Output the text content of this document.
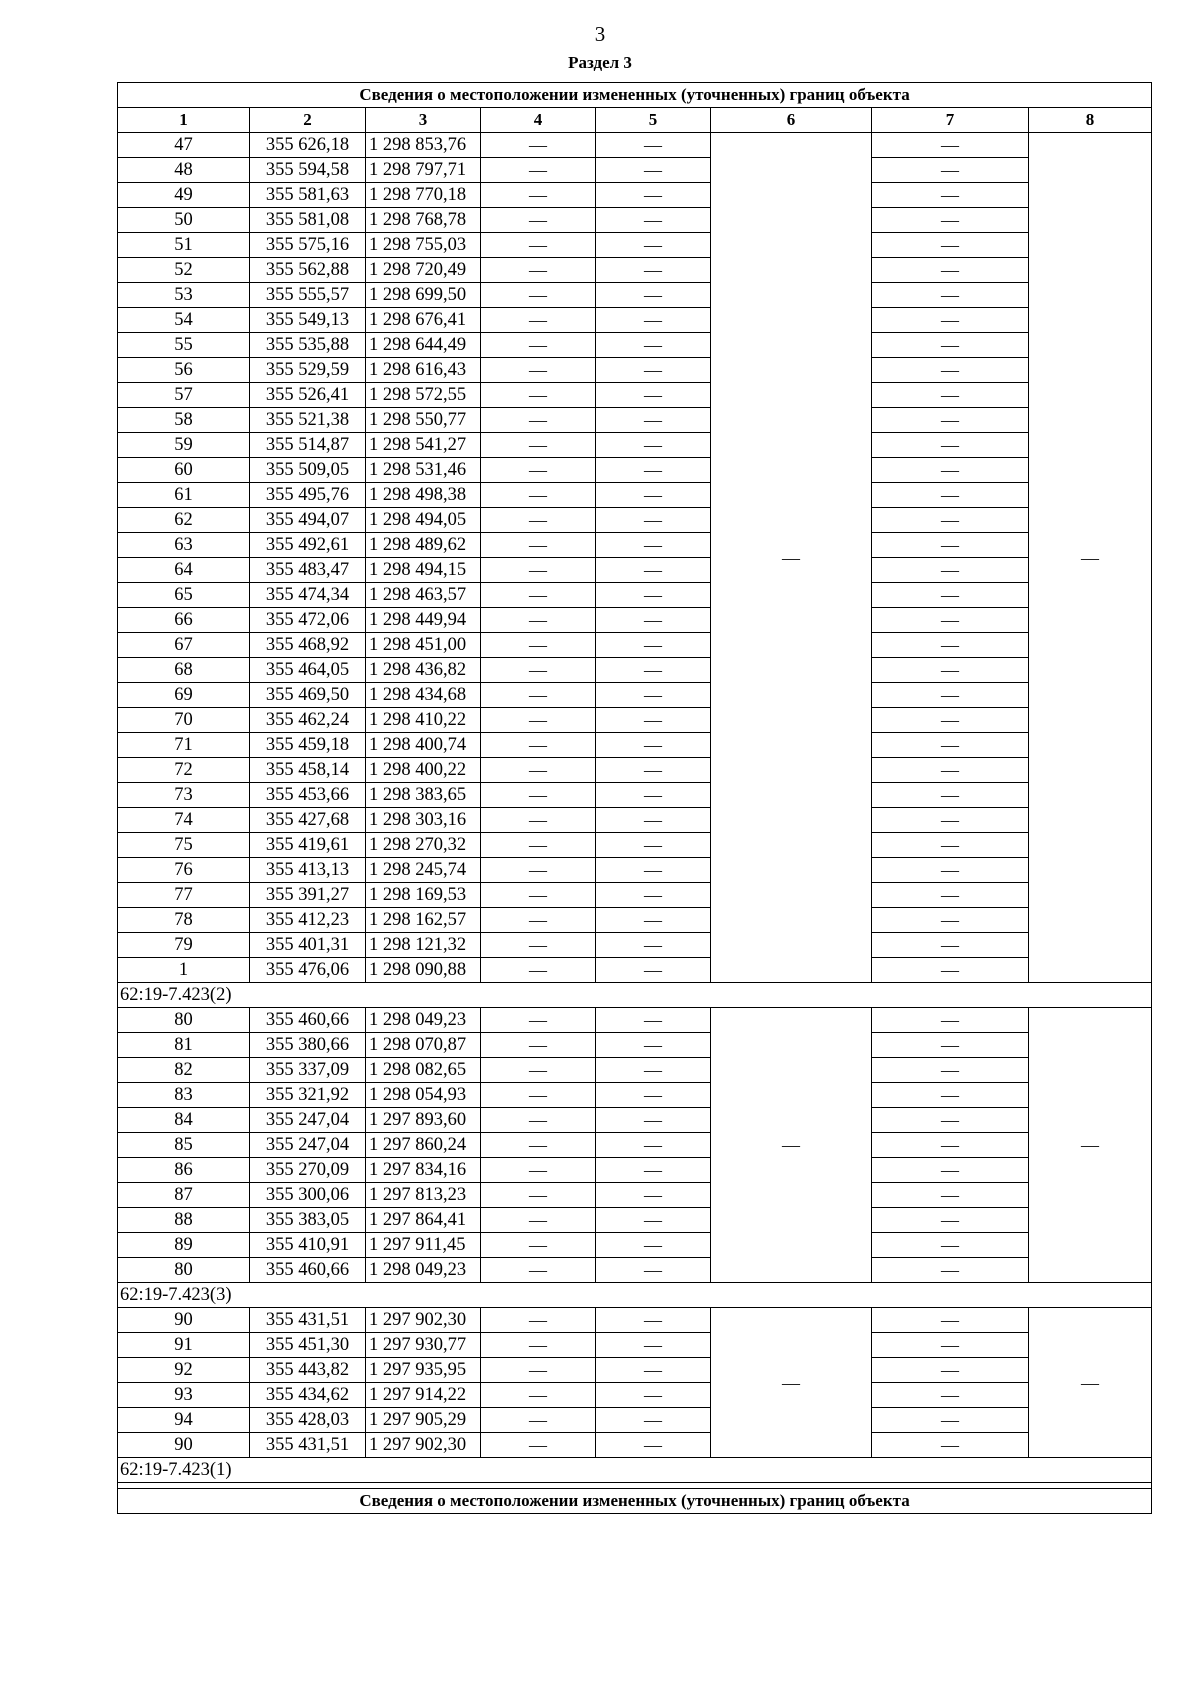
3
Раздел 3
Сведения о местоположении измененных (уточненных) границ объекта							
1	2	3	4	5	6	7	8
47	355 626,18	1 298 853,76	—	—	—	—	—
48	355 594,58	1 298 797,71	—	—		—	
49	355 581,63	1 298 770,18	—	—		—	
50	355 581,08	1 298 768,78	—	—		—	
51	355 575,16	1 298 755,03	—	—		—	
52	355 562,88	1 298 720,49	—	—		—	
53	355 555,57	1 298 699,50	—	—		—	
54	355 549,13	1 298 676,41	—	—		—	
55	355 535,88	1 298 644,49	—	—		—	
56	355 529,59	1 298 616,43	—	—		—	
57	355 526,41	1 298 572,55	—	—		—	
58	355 521,38	1 298 550,77	—	—		—	
59	355 514,87	1 298 541,27	—	—		—	
60	355 509,05	1 298 531,46	—	—		—	
61	355 495,76	1 298 498,38	—	—		—	
62	355 494,07	1 298 494,05	—	—		—	
63	355 492,61	1 298 489,62	—	—		—	
64	355 483,47	1 298 494,15	—	—		—	
65	355 474,34	1 298 463,57	—	—		—	
66	355 472,06	1 298 449,94	—	—		—	
67	355 468,92	1 298 451,00	—	—		—	
68	355 464,05	1 298 436,82	—	—		—	
69	355 469,50	1 298 434,68	—	—		—	
70	355 462,24	1 298 410,22	—	—		—	
71	355 459,18	1 298 400,74	—	—		—	
72	355 458,14	1 298 400,22	—	—		—	
73	355 453,66	1 298 383,65	—	—		—	
74	355 427,68	1 298 303,16	—	—		—	
75	355 419,61	1 298 270,32	—	—		—	
76	355 413,13	1 298 245,74	—	—		—	
77	355 391,27	1 298 169,53	—	—		—	
78	355 412,23	1 298 162,57	—	—		—	
79	355 401,31	1 298 121,32	—	—		—	
1	355 476,06	1 298 090,88	—	—		—	
62:19-7.423(2)							
80	355 460,66	1 298 049,23	—	—	—	—	—
81	355 380,66	1 298 070,87	—	—		—	
82	355 337,09	1 298 082,65	—	—		—	
83	355 321,92	1 298 054,93	—	—		—	
84	355 247,04	1 297 893,60	—	—		—	
85	355 247,04	1 297 860,24	—	—		—	
86	355 270,09	1 297 834,16	—	—		—	
87	355 300,06	1 297 813,23	—	—		—	
88	355 383,05	1 297 864,41	—	—		—	
89	355 410,91	1 297 911,45	—	—		—	
80	355 460,66	1 298 049,23	—	—		—	
62:19-7.423(3)							
90	355 431,51	1 297 902,30	—	—	—	—	—
91	355 451,30	1 297 930,77	—	—		—	
92	355 443,82	1 297 935,95	—	—		—	
93	355 434,62	1 297 914,22	—	—		—	
94	355 428,03	1 297 905,29	—	—		—	
90	355 431,51	1 297 902,30	—	—		—	
62:19-7.423(1)							

Сведения о местоположении измененных (уточненных) границ объекта							
